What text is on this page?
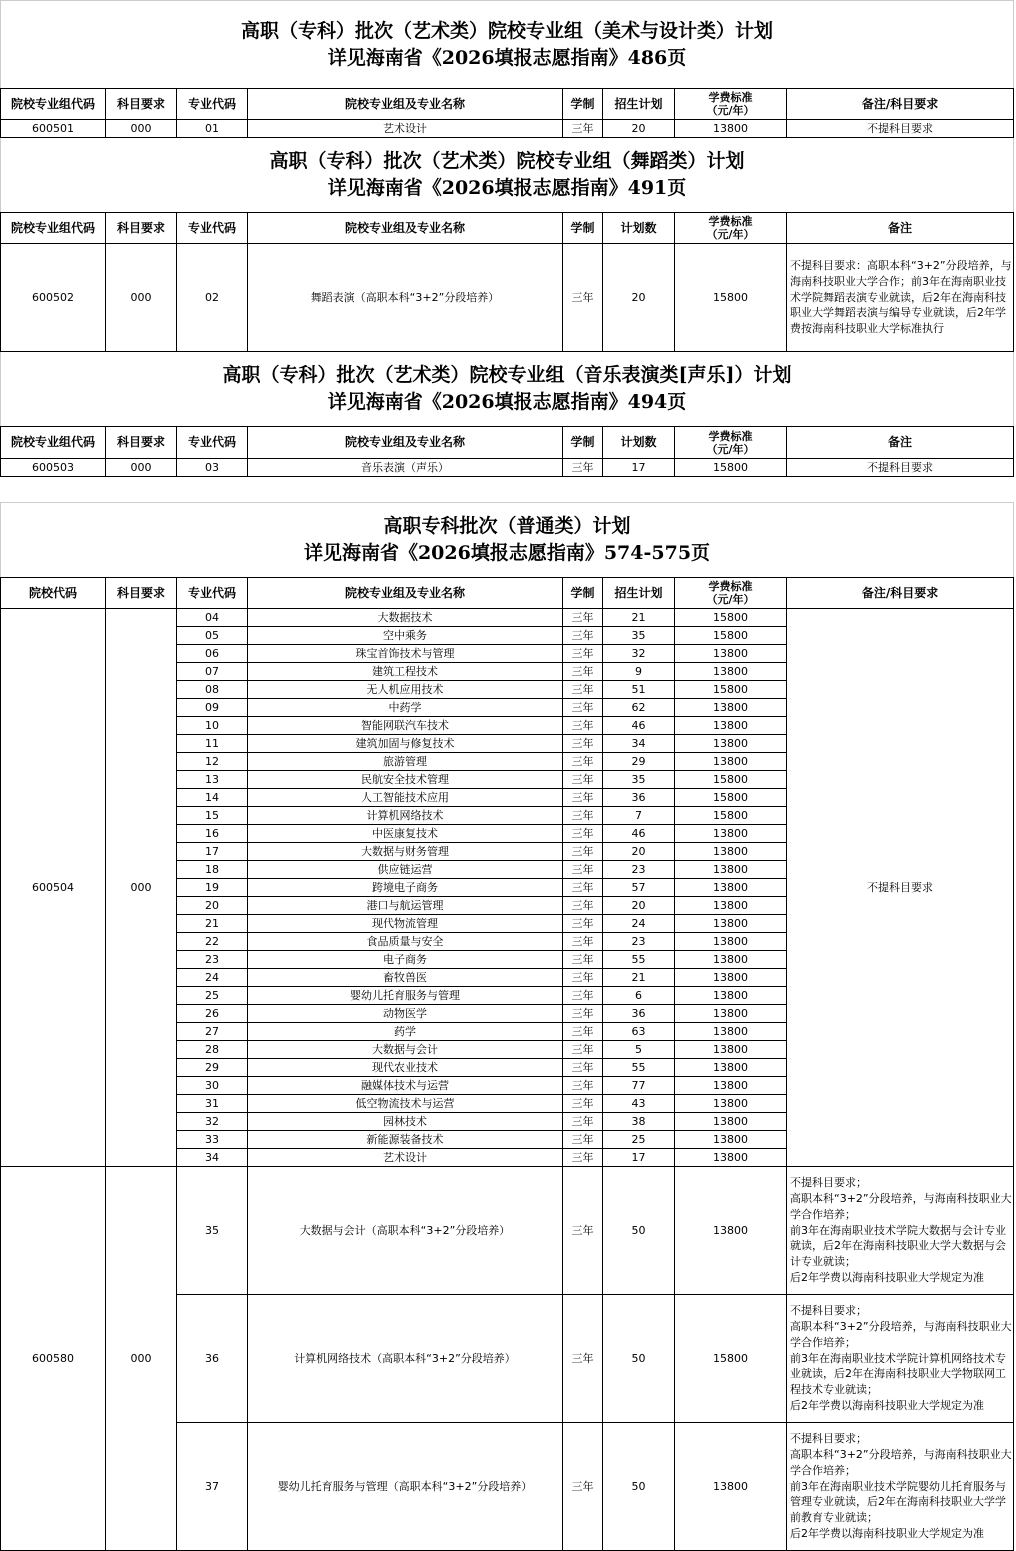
高职（专科）批次（艺术类）院校专业组（美术与设计类）计划
详见海南省《2026填报志愿指南》486页							

院校专业组代码	科目要求	专业代码	院校专业组及专业名称	学制	招生计划	学费标准
（元/年）	备注/科目要求
600501	000	01	艺术设计	三年	20	13800	不提科目要求

高职（专科）批次（艺术类）院校专业组（舞蹈类）计划
详见海南省《2026填报志愿指南》491页							

院校专业组代码	科目要求	专业代码	院校专业组及专业名称	学制	计划数	学费标准
（元/年）	备注
600502	000	02	舞蹈表演（高职本科“3+2”分段培养）	三年	20	15800	不提科目要求：高职本科“3+2”分段培养，与海南科技职业大学合作；前3年在海南职业技术学院舞蹈表演专业就读，后2年在海南科技职业大学舞蹈表演与编导专业就读，后2年学费按海南科技职业大学标准执行

高职（专科）批次（艺术类）院校专业组（音乐表演类[声乐]）计划
详见海南省《2026填报志愿指南》494页							

院校专业组代码	科目要求	专业代码	院校专业组及专业名称	学制	计划数	学费标准
（元/年）	备注
600503	000	03	音乐表演（声乐）	三年	17	15800	不提科目要求

高职专科批次（普通类）计划
详见海南省《2026填报志愿指南》574-575页							

院校代码	科目要求	专业代码	院校专业组及专业名称	学制	招生计划	学费标准
（元/年）	备注/科目要求
600504	000	04	大数据技术	三年	21	15800	不提科目要求
		05	空中乘务	三年	35	15800	
		06	珠宝首饰技术与管理	三年	32	13800	
		07	建筑工程技术	三年	9	13800	
		08	无人机应用技术	三年	51	15800	
		09	中药学	三年	62	13800	
		10	智能网联汽车技术	三年	46	13800	
		11	建筑加固与修复技术	三年	34	13800	
		12	旅游管理	三年	29	13800	
		13	民航安全技术管理	三年	35	15800	
		14	人工智能技术应用	三年	36	15800	
		15	计算机网络技术	三年	7	15800	
		16	中医康复技术	三年	46	13800	
		17	大数据与财务管理	三年	20	13800	
		18	供应链运营	三年	23	13800	
		19	跨境电子商务	三年	57	13800	
		20	港口与航运管理	三年	20	13800	
		21	现代物流管理	三年	24	13800	
		22	食品质量与安全	三年	23	13800	
		23	电子商务	三年	55	13800	
		24	畜牧兽医	三年	21	13800	
		25	婴幼儿托育服务与管理	三年	6	13800	
		26	动物医学	三年	36	13800	
		27	药学	三年	63	13800	
		28	大数据与会计	三年	5	13800	
		29	现代农业技术	三年	55	13800	
		30	融媒体技术与运营	三年	77	13800	
		31	低空物流技术与运营	三年	43	13800	
		32	园林技术	三年	38	13800	
		33	新能源装备技术	三年	25	13800	
		34	艺术设计	三年	17	13800	
600580	000	35	大数据与会计（高职本科“3+2”分段培养）	三年	50	13800	不提科目要求；
高职本科“3+2”分段培养，与海南科技职业大学合作培养；
前3年在海南职业技术学院大数据与会计专业就读，后2年在海南科技职业大学大数据与会计专业就读；
后2年学费以海南科技职业大学规定为准

		36	计算机网络技术（高职本科“3+2”分段培养）	三年	50	15800	不提科目要求；
高职本科“3+2”分段培养，与海南科技职业大学合作培养；
前3年在海南职业技术学院计算机网络技术专业就读，后2年在海南科技职业大学物联网工程技术专业就读；
后2年学费以海南科技职业大学规定为准

		37	婴幼儿托育服务与管理（高职本科“3+2”分段培养）	三年	50	13800	不提科目要求；
高职本科“3+2”分段培养，与海南科技职业大学合作培养；
前3年在海南职业技术学院婴幼儿托育服务与管理专业就读，后2年在海南科技职业大学学前教育专业就读；
后2年学费以海南科技职业大学规定为准
